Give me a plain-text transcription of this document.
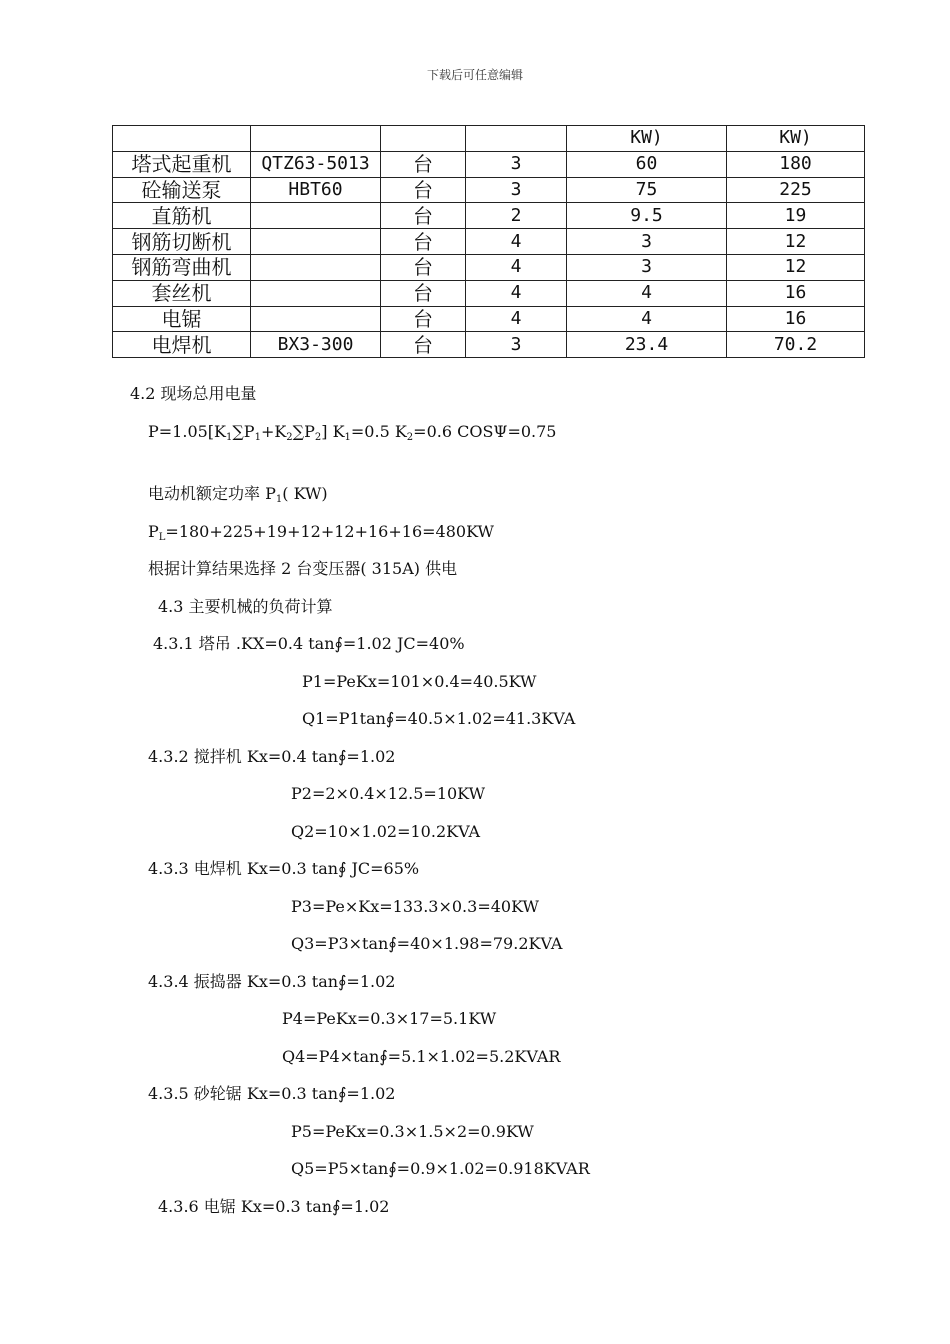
下载后可任意编辑
				KW)	KW)
塔式起重机	QTZ63-5013	台	3	60	180
砼输送泵	HBT60	台	3	75	225
直筋机		台	2	9.5	19
钢筋切断机		台	4	3	12
钢筋弯曲机		台	4	3	12
套丝机		台	4	4	16
电锯		台	4	4	16
电焊机	BX3-300	台	3	23.4	70.2
4.2 现场总用电量
$P=1.05[K_1\sum P_1+K_2\sum P_2]$ $K_1=0.5$ $K_2=0.6$ COSΨ=0.75
电动机额定功率 $P_1$( KW)
$P_L=180+225+19+12+12+16+16=480KW$
根据计算结果选择 2 台变压器( 315A) 供电
4.3 主要机械的负荷计算
4.3.1 塔吊 .KX=0.4 tan∮=1.02 JC=40%
P1=PeKx=101×0.4=40.5KW
Q1=P1tan∮=40.5×1.02=41.3KVA
4.3.2 搅拌机 Kx=0.4 tan∮=1.02
P2=2×0.4×12.5=10KW
Q2=10×1.02=10.2KVA
4.3.3 电焊机 Kx=0.3 tan∮ JC=65%
P3=Pe×Kx=133.3×0.3=40KW
Q3=P3×tan∮=40×1.98=79.2KVA
4.3.4 振捣器 Kx=0.3 tan∮=1.02
P4=PeKx=0.3×17=5.1KW
Q4=P4×tan∮=5.1×1.02=5.2KVAR
4.3.5 砂轮锯 Kx=0.3 tan∮=1.02
P5=PeKx=0.3×1.5×2=0.9KW
Q5=P5×tan∮=0.9×1.02=0.918KVAR
4.3.6 电锯 Kx=0.3 tan∮=1.02
